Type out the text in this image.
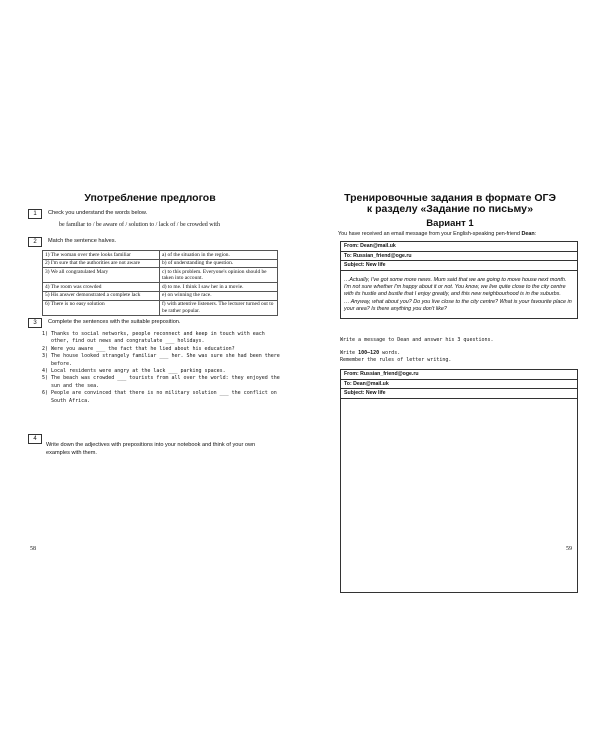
Употребление предлогов
1 $^{Check you understand the words below.}$
be familiar to / be aware of / solution to / lack of / be crowded with
2 $^{Match the sentence halves.}$
1) The woman over there looks familiar	a) of the situation in the region.
2) I'm sure that the authorities are not aware	b) of understanding the question.
3) We all congratulated Mary	c) to this problem. Everyone's opinion should be taken into account.
4) The room was crowded	d) to me. I think I saw her in a movie.
5) His answer demonstrated a complete lack	e) on winning the race.
6) There is no easy solution	f) with attentive listeners. The lecturer turned out to be rather popular.
3 $^{Complete the sentences with the suitable preposition.}$
1) Thanks to social networks, people reconnect and keep in touch with each other, find out news and congratulate ___ holidays.
2) Were you aware ___ the fact that he lied about his education?
3) The house looked strangely familiar ___ her. She was sure she had been there before.
4) Local residents were angry at the lack ___ parking spaces.
5) The beach was crowded ___ tourists from all over the world: they enjoyed the sun and the sea.
6) People are convinced that there is no military solution ___ the conflict on South Africa.
4
Write down the adjectives with prepositions into your notebook and think of your own examples with them.
58
Тренировочные задания в формате ОГЭ
к разделу «Задание по письму»
Вариант 1
You have received an email message from your English-speaking pen-friend Dean:
From: Dean@mail.uk
To: Russian_friend@oge.ru
Subject: New life
…Actually, I've got some more news. Mum said that we are going to move house next month. I'm not sure whether I'm happy about it or not. You know, we live quite close to the city centre with its hustle and bustle that I enjoy greatly, and this new neighbourhood is in the suburbs.
… Anyway, what about you? Do you live close to the city centre? What is your favourite place in your area? Is there anything you don't like?
Write a message to Dean and answer his 3 questions.
Write 100–120 words.
Remember the rules of letter writing.
From: Russian_friend@oge.ru
To: Dean@mail.uk
Subject: New life
59
